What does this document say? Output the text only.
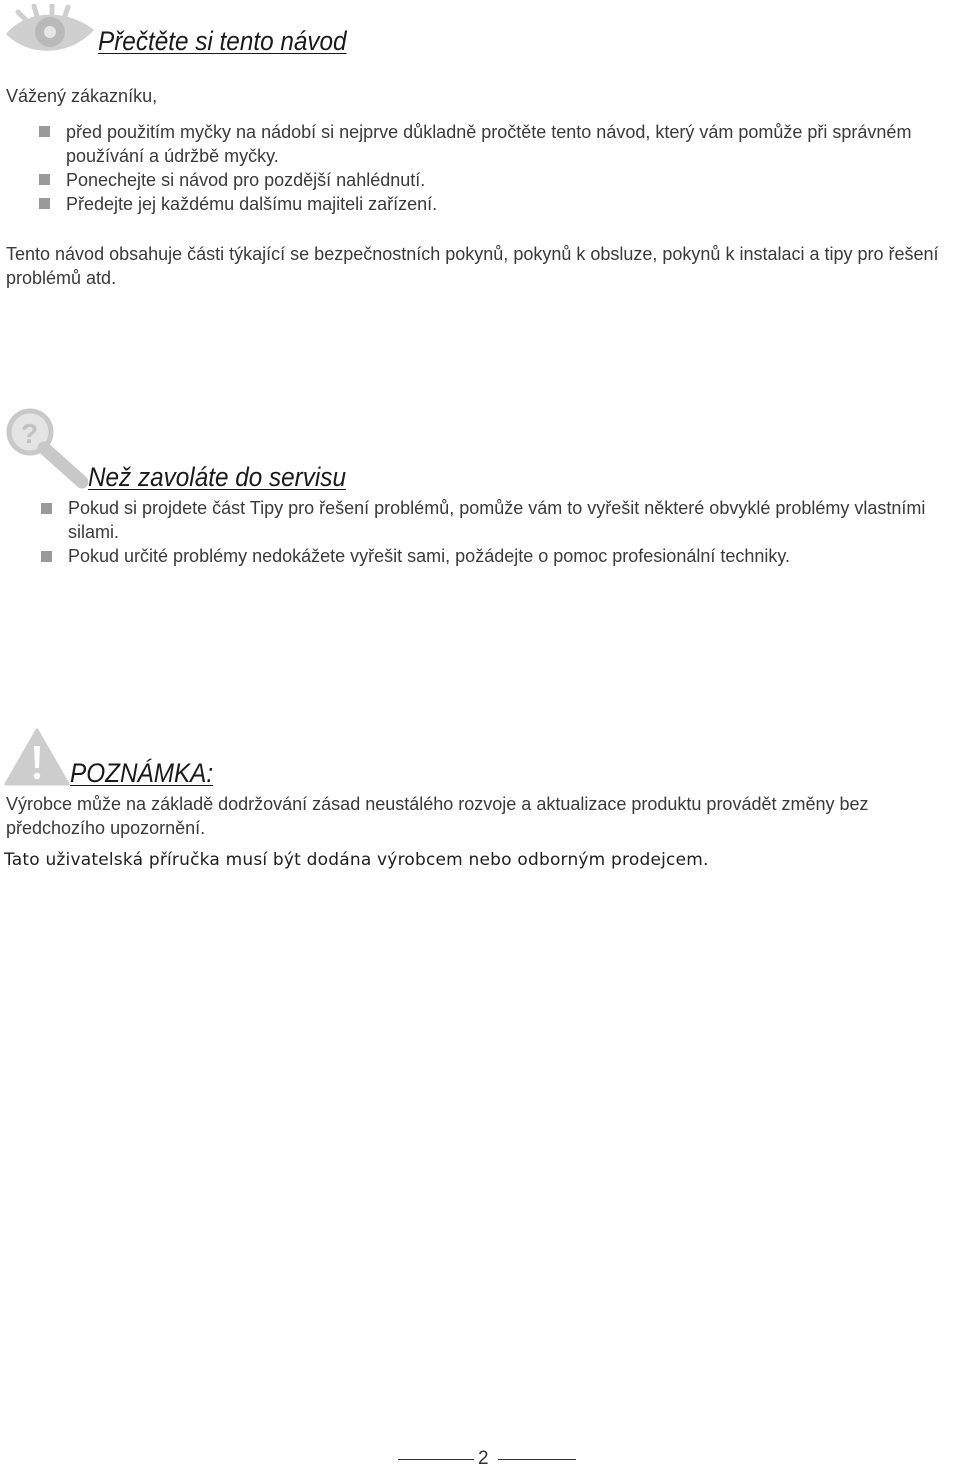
Přečtěte si tento návod
Vážený zákazníku,
před použitím myčky na nádobí si nejprve důkladně pročtěte tento návod, který vám pomůže při správném používání a údržbě myčky.
Ponechejte si návod pro pozdější nahlédnutí.
Předejte jej každému dalšímu majiteli zařízení.
Tento návod obsahuje části týkající se bezpečnostních pokynů, pokynů k obsluze, pokynů k instalaci a tipy pro řešení problémů atd.
?
Než zavoláte do servisu
Pokud si projdete část Tipy pro řešení problémů, pomůže vám to vyřešit některé obvyklé problémy vlastními silami.
Pokud určité problémy nedokážete vyřešit sami, požádejte o pomoc profesionální techniky.
POZNÁMKA:
Výrobce může na základě dodržování zásad neustálého rozvoje a aktualizace produktu provádět změny bez předchozího upozornění.
Tato uživatelská příručka musí být dodána výrobcem nebo odborným prodejcem.
2
